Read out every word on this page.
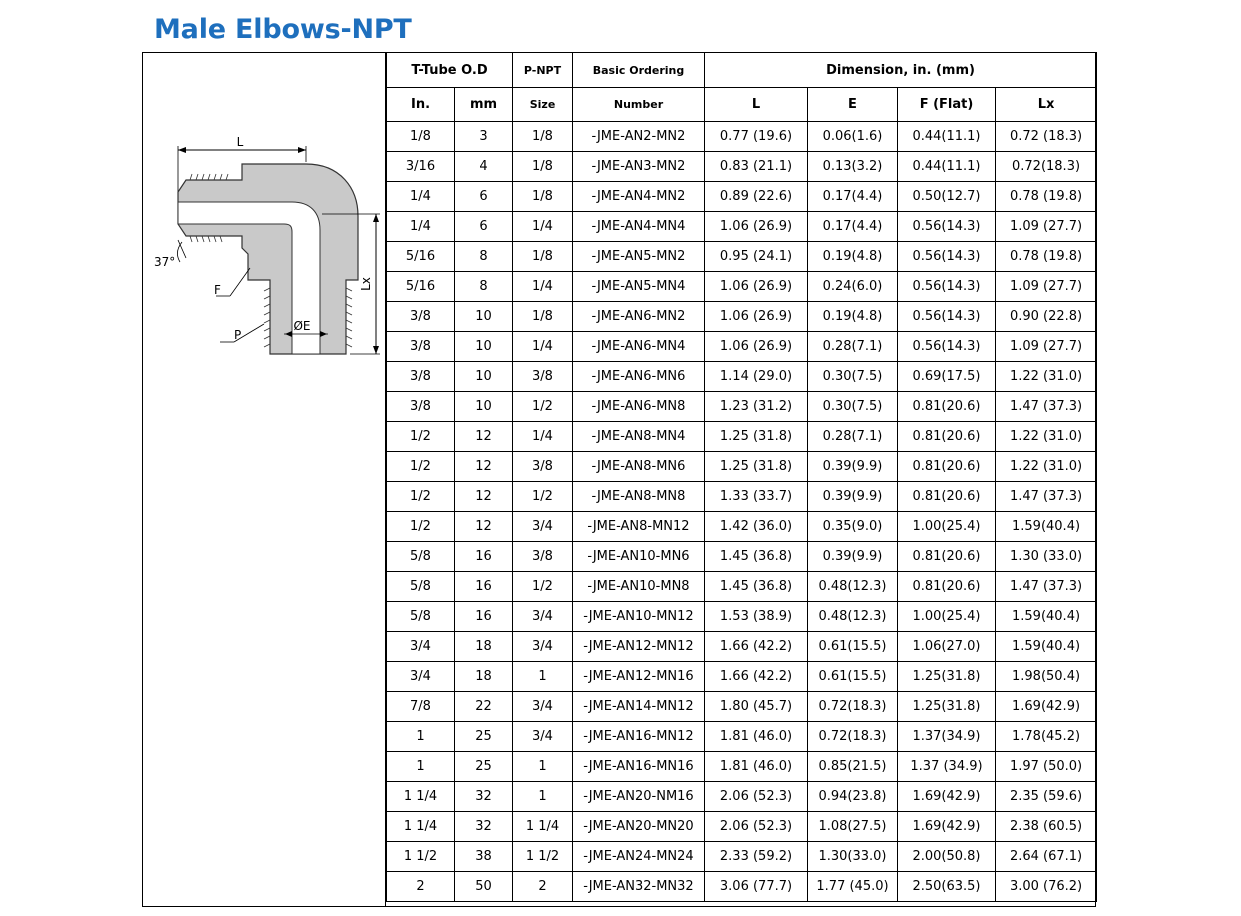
Male Elbows-NPT
L
ØE
Lx
37°
F
P
T-Tube O.D		P-NPT	Basic Ordering	Dimension, in. (mm)			
In.	mm	Size	Number	L	E	F (Flat)	Lx
1/8	3	1/8	-JME-AN2-MN2	0.77 (19.6)	0.06(1.6)	0.44(11.1)	0.72 (18.3)
3/16	4	1/8	-JME-AN3-MN2	0.83 (21.1)	0.13(3.2)	0.44(11.1)	0.72(18.3)
1/4	6	1/8	-JME-AN4-MN2	0.89 (22.6)	0.17(4.4)	0.50(12.7)	0.78 (19.8)
1/4	6	1/4	-JME-AN4-MN4	1.06 (26.9)	0.17(4.4)	0.56(14.3)	1.09 (27.7)
5/16	8	1/8	-JME-AN5-MN2	0.95 (24.1)	0.19(4.8)	0.56(14.3)	0.78 (19.8)
5/16	8	1/4	-JME-AN5-MN4	1.06 (26.9)	0.24(6.0)	0.56(14.3)	1.09 (27.7)
3/8	10	1/8	-JME-AN6-MN2	1.06 (26.9)	0.19(4.8)	0.56(14.3)	0.90 (22.8)
3/8	10	1/4	-JME-AN6-MN4	1.06 (26.9)	0.28(7.1)	0.56(14.3)	1.09 (27.7)
3/8	10	3/8	-JME-AN6-MN6	1.14 (29.0)	0.30(7.5)	0.69(17.5)	1.22 (31.0)
3/8	10	1/2	-JME-AN6-MN8	1.23 (31.2)	0.30(7.5)	0.81(20.6)	1.47 (37.3)
1/2	12	1/4	-JME-AN8-MN4	1.25 (31.8)	0.28(7.1)	0.81(20.6)	1.22 (31.0)
1/2	12	3/8	-JME-AN8-MN6	1.25 (31.8)	0.39(9.9)	0.81(20.6)	1.22 (31.0)
1/2	12	1/2	-JME-AN8-MN8	1.33 (33.7)	0.39(9.9)	0.81(20.6)	1.47 (37.3)
1/2	12	3/4	-JME-AN8-MN12	1.42 (36.0)	0.35(9.0)	1.00(25.4)	1.59(40.4)
5/8	16	3/8	-JME-AN10-MN6	1.45 (36.8)	0.39(9.9)	0.81(20.6)	1.30 (33.0)
5/8	16	1/2	-JME-AN10-MN8	1.45 (36.8)	0.48(12.3)	0.81(20.6)	1.47 (37.3)
5/8	16	3/4	-JME-AN10-MN12	1.53 (38.9)	0.48(12.3)	1.00(25.4)	1.59(40.4)
3/4	18	3/4	-JME-AN12-MN12	1.66 (42.2)	0.61(15.5)	1.06(27.0)	1.59(40.4)
3/4	18	1	-JME-AN12-MN16	1.66 (42.2)	0.61(15.5)	1.25(31.8)	1.98(50.4)
7/8	22	3/4	-JME-AN14-MN12	1.80 (45.7)	0.72(18.3)	1.25(31.8)	1.69(42.9)
1	25	3/4	-JME-AN16-MN12	1.81 (46.0)	0.72(18.3)	1.37(34.9)	1.78(45.2)
1	25	1	-JME-AN16-MN16	1.81 (46.0)	0.85(21.5)	1.37 (34.9)	1.97 (50.0)
1 1/4	32	1	-JME-AN20-NM16	2.06 (52.3)	0.94(23.8)	1.69(42.9)	2.35 (59.6)
1 1/4	32	1 1/4	-JME-AN20-MN20	2.06 (52.3)	1.08(27.5)	1.69(42.9)	2.38 (60.5)
1 1/2	38	1 1/2	-JME-AN24-MN24	2.33 (59.2)	1.30(33.0)	2.00(50.8)	2.64 (67.1)
2	50	2	-JME-AN32-MN32	3.06 (77.7)	1.77 (45.0)	2.50(63.5)	3.00 (76.2)
